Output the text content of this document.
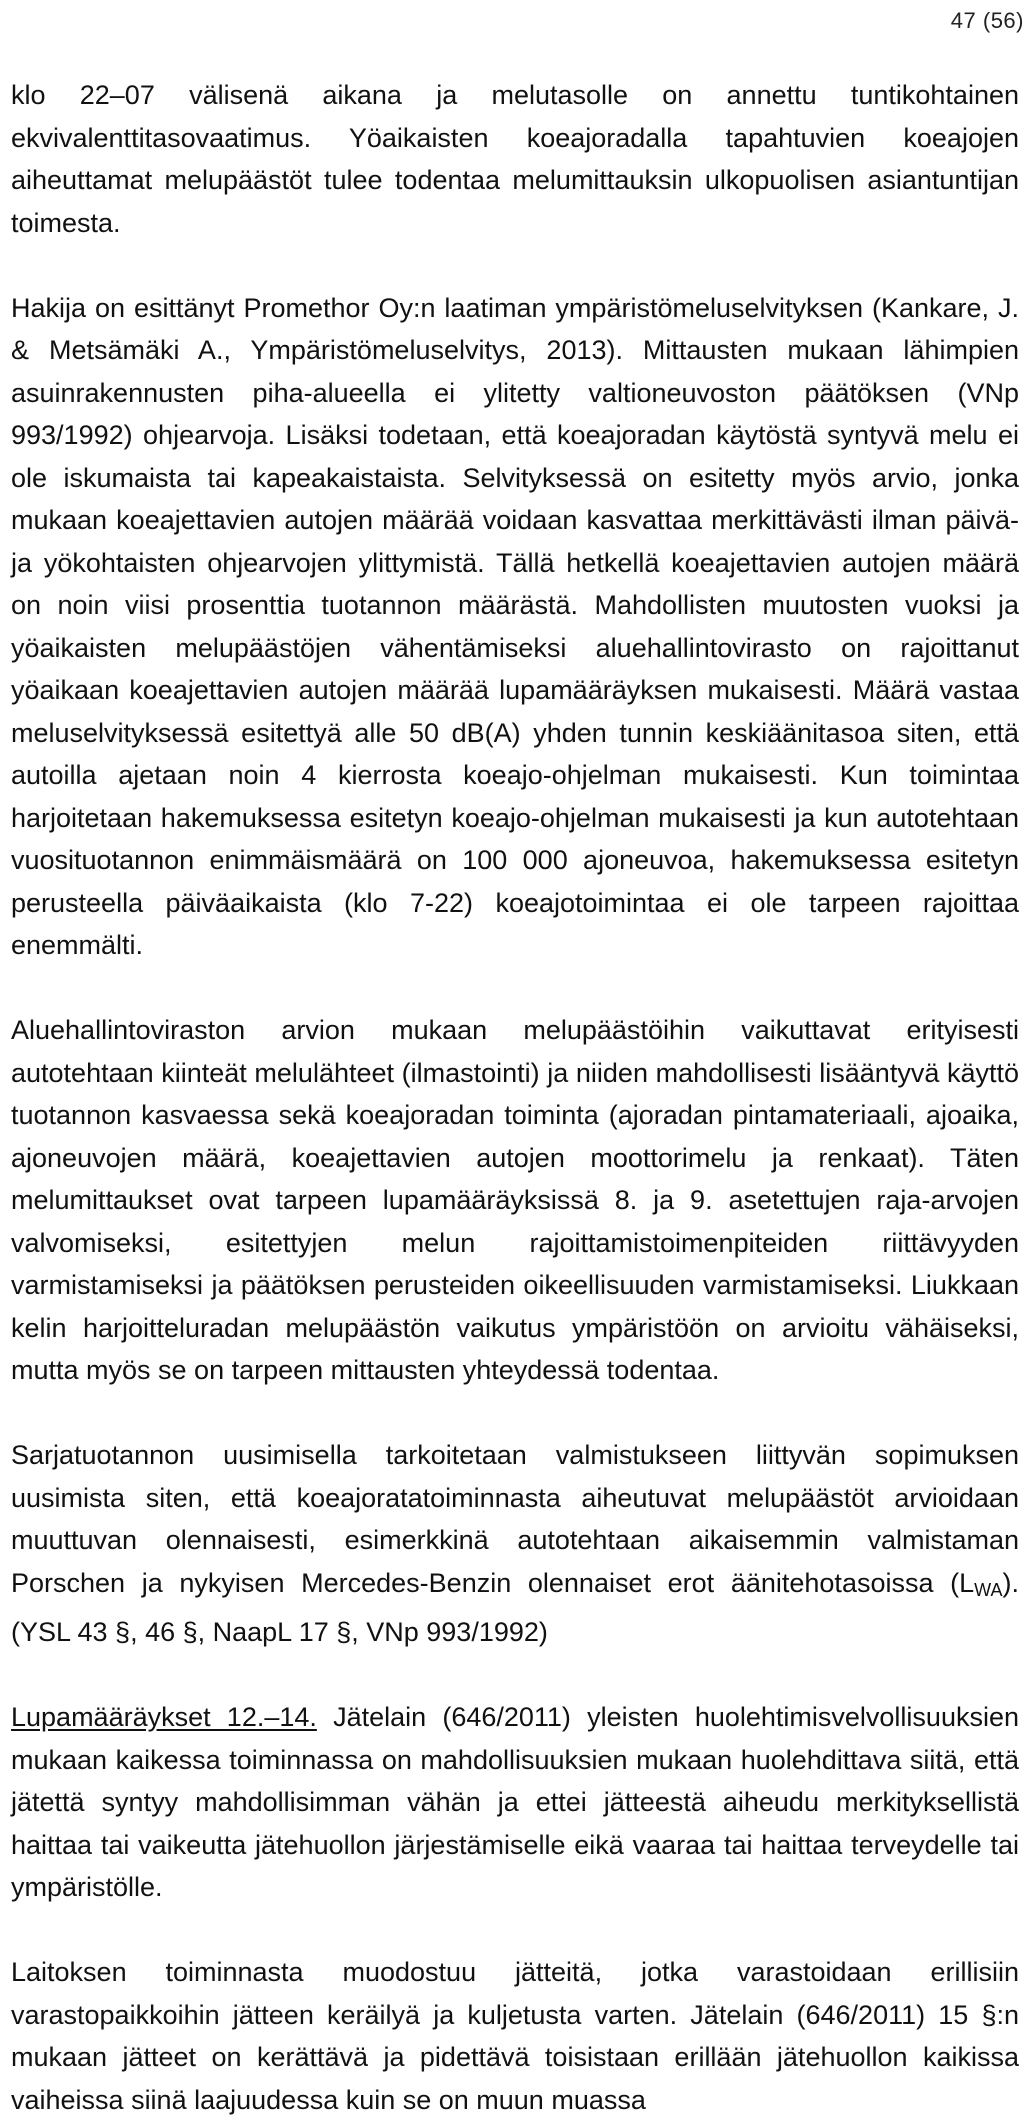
47 (56)

klo 22–07 välisenä aikana ja melutasolle on annettu tuntikohtainen ekvivalenttitasovaatimus. Yöaikaisten koeajoradalla tapahtuvien koeajojen aiheuttamat melupäästöt tulee todentaa melumittauksin ulkopuolisen asiantuntijan toimesta.

Hakija on esittänyt Promethor Oy:n laatiman ympäristömeluselvityksen (Kankare, J. & Metsämäki A., Ympäristömeluselvitys, 2013). Mittausten mukaan lähimpien asuinrakennusten piha-alueella ei ylitetty valtioneuvoston päätöksen (VNp 993/1992) ohjearvoja. Lisäksi todetaan, että koeajoradan käytöstä syntyvä melu ei ole iskumaista tai kapeakaistaista. Selvityksessä on esitetty myös arvio, jonka mukaan koeajettavien autojen määrää voidaan kasvattaa merkittävästi ilman päivä- ja yökohtaisten ohjearvojen ylittymistä. Tällä hetkellä koeajettavien autojen määrä on noin viisi prosenttia tuotannon määrästä. Mahdollisten muutosten vuoksi ja yöaikaisten melupäästöjen vähentämiseksi aluehallintovirasto on rajoittanut yöaikaan koeajettavien autojen määrää lupamääräyksen mukaisesti. Määrä vastaa meluselvityksessä esitettyä alle 50 dB(A) yhden tunnin keskiäänitasoa siten, että autoilla ajetaan noin 4 kierrosta koeajo-ohjelman mukaisesti. Kun toimintaa harjoitetaan hakemuksessa esitetyn koeajo-ohjelman mukaisesti ja kun autotehtaan vuosituotannon enimmäismäärä on 100 000 ajoneuvoa, hakemuksessa esitetyn perusteella päiväaikaista (klo 7-22) koeajotoimintaa ei ole tarpeen rajoittaa enemmälti.

Aluehallintoviraston arvion mukaan melupäästöihin vaikuttavat erityisesti autotehtaan kiinteät melulähteet (ilmastointi) ja niiden mahdollisesti lisääntyvä käyttö tuotannon kasvaessa sekä koeajoradan toiminta (ajoradan pintamateriaali, ajoaika, ajoneuvojen määrä, koeajettavien autojen moottorimelu ja renkaat). Täten melumittaukset ovat tarpeen lupamääräyksissä 8. ja 9. asetettujen raja-arvojen valvomiseksi, esitettyjen melun rajoittamistoimenpiteiden riittävyyden varmistamiseksi ja päätöksen perusteiden oikeellisuuden varmistamiseksi. Liukkaan kelin harjoitteluradan melupäästön vaikutus ympäristöön on arvioitu vähäiseksi, mutta myös se on tarpeen mittausten yhteydessä todentaa.

Sarjatuotannon uusimisella tarkoitetaan valmistukseen liittyvän sopimuksen uusimista siten, että koeajoratatoiminnasta aiheutuvat melupäästöt arvioidaan muuttuvan olennaisesti, esimerkkinä autotehtaan aikaisemmin valmistaman Porschen ja nykyisen Mercedes-Benzin olennaiset erot äänitehotasoissa $(L_{WA})$. (YSL 43 §, 46 §, NaapL 17 §, VNp 993/1992)

Lupamääräykset 12.–14. Jätelain (646/2011) yleisten huolehtimisvelvollisuuksien mukaan kaikessa toiminnassa on mahdollisuuksien mukaan huolehdittava siitä, että jätettä syntyy mahdollisimman vähän ja ettei jätteestä aiheudu merkityksellistä haittaa tai vaikeutta jätehuollon järjestämiselle eikä vaaraa tai haittaa terveydelle tai ympäristölle.

Laitoksen toiminnasta muodostuu jätteitä, jotka varastoidaan erillisiin varastopaikkoihin jätteen keräilyä ja kuljetusta varten. Jätelain (646/2011) 15 §:n mukaan jätteet on kerättävä ja pidettävä toisistaan erillään jätehuollon kaikissa vaiheissa siinä laajuudessa kuin se on muun muassa
